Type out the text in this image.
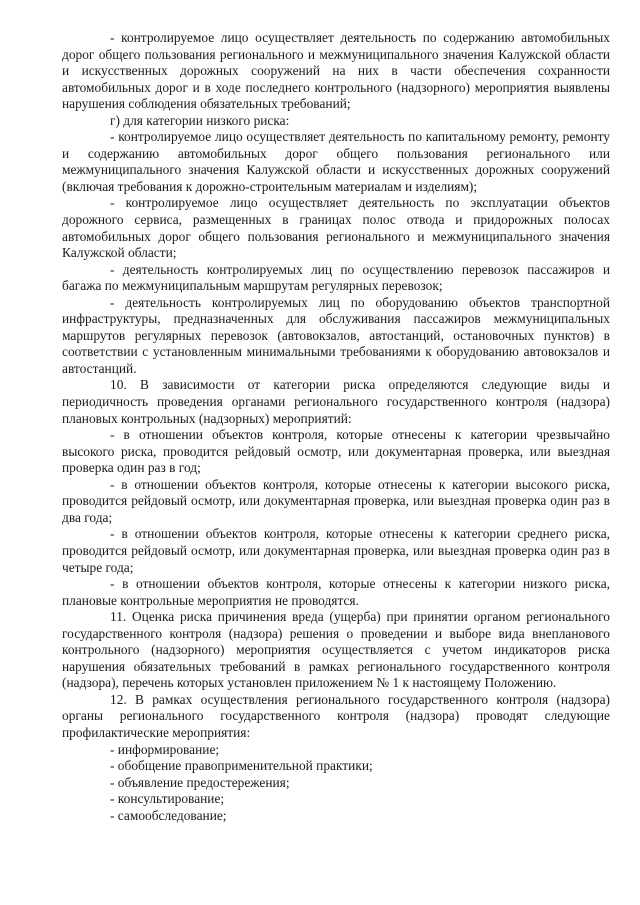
- контролируемое лицо осуществляет деятельность по содержанию автомобильных дорог общего пользования регионального и межмуниципального значения Калужской области и искусственных дорожных сооружений на них в части обеспечения сохранности автомобильных дорог и в ходе последнего контрольного (надзорного) мероприятия выявлены нарушения соблюдения обязательных требований;

г) для категории низкого риска:

- контролируемое лицо осуществляет деятельность по капитальному ремонту, ремонту и содержанию автомобильных дорог общего пользования регионального или межмуниципального значения Калужской области и искусственных дорожных сооружений (включая требования к дорожно-строительным материалам и изделиям);

- контролируемое лицо осуществляет деятельность по эксплуатации объектов дорожного сервиса, размещенных в границах полос отвода и придорожных полосах автомобильных дорог общего пользования регионального и межмуниципального значения Калужской области;

- деятельность контролируемых лиц по осуществлению перевозок пассажиров и багажа по межмуниципальным маршрутам регулярных перевозок;

- деятельность контролируемых лиц по оборудованию объектов транспортной инфраструктуры, предназначенных для обслуживания пассажиров межмуниципальных маршрутов регулярных перевозок (автовокзалов, автостанций, остановочных пунктов) в соответствии с установленным минимальными требованиями к оборудованию автовокзалов и автостанций.

10. В зависимости от категории риска определяются следующие виды и периодичность проведения органами регионального государственного контроля (надзора) плановых контрольных (надзорных) мероприятий:

- в отношении объектов контроля, которые отнесены к категории чрезвычайно высокого риска, проводится рейдовый осмотр, или документарная проверка, или выездная проверка один раз в год;

- в отношении объектов контроля, которые отнесены к категории высокого риска, проводится рейдовый осмотр, или документарная проверка, или выездная проверка один раз в два года;

- в отношении объектов контроля, которые отнесены к категории среднего риска, проводится рейдовый осмотр, или документарная проверка, или выездная проверка один раз в четыре года;

- в отношении объектов контроля, которые отнесены к категории низкого риска, плановые контрольные мероприятия не проводятся.

11. Оценка риска причинения вреда (ущерба) при принятии органом регионального государственного контроля (надзора) решения о проведении и выборе вида внепланового контрольного (надзорного) мероприятия осуществляется с учетом индикаторов риска нарушения обязательных требований в рамках регионального государственного контроля (надзора), перечень которых установлен приложением № 1 к настоящему Положению.

12. В рамках осуществления регионального государственного контроля (надзора) органы регионального государственного контроля (надзора) проводят следующие профилактические мероприятия:

- информирование;

- обобщение правоприменительной практики;

- объявление предостережения;

- консультирование;

- самообследование;
